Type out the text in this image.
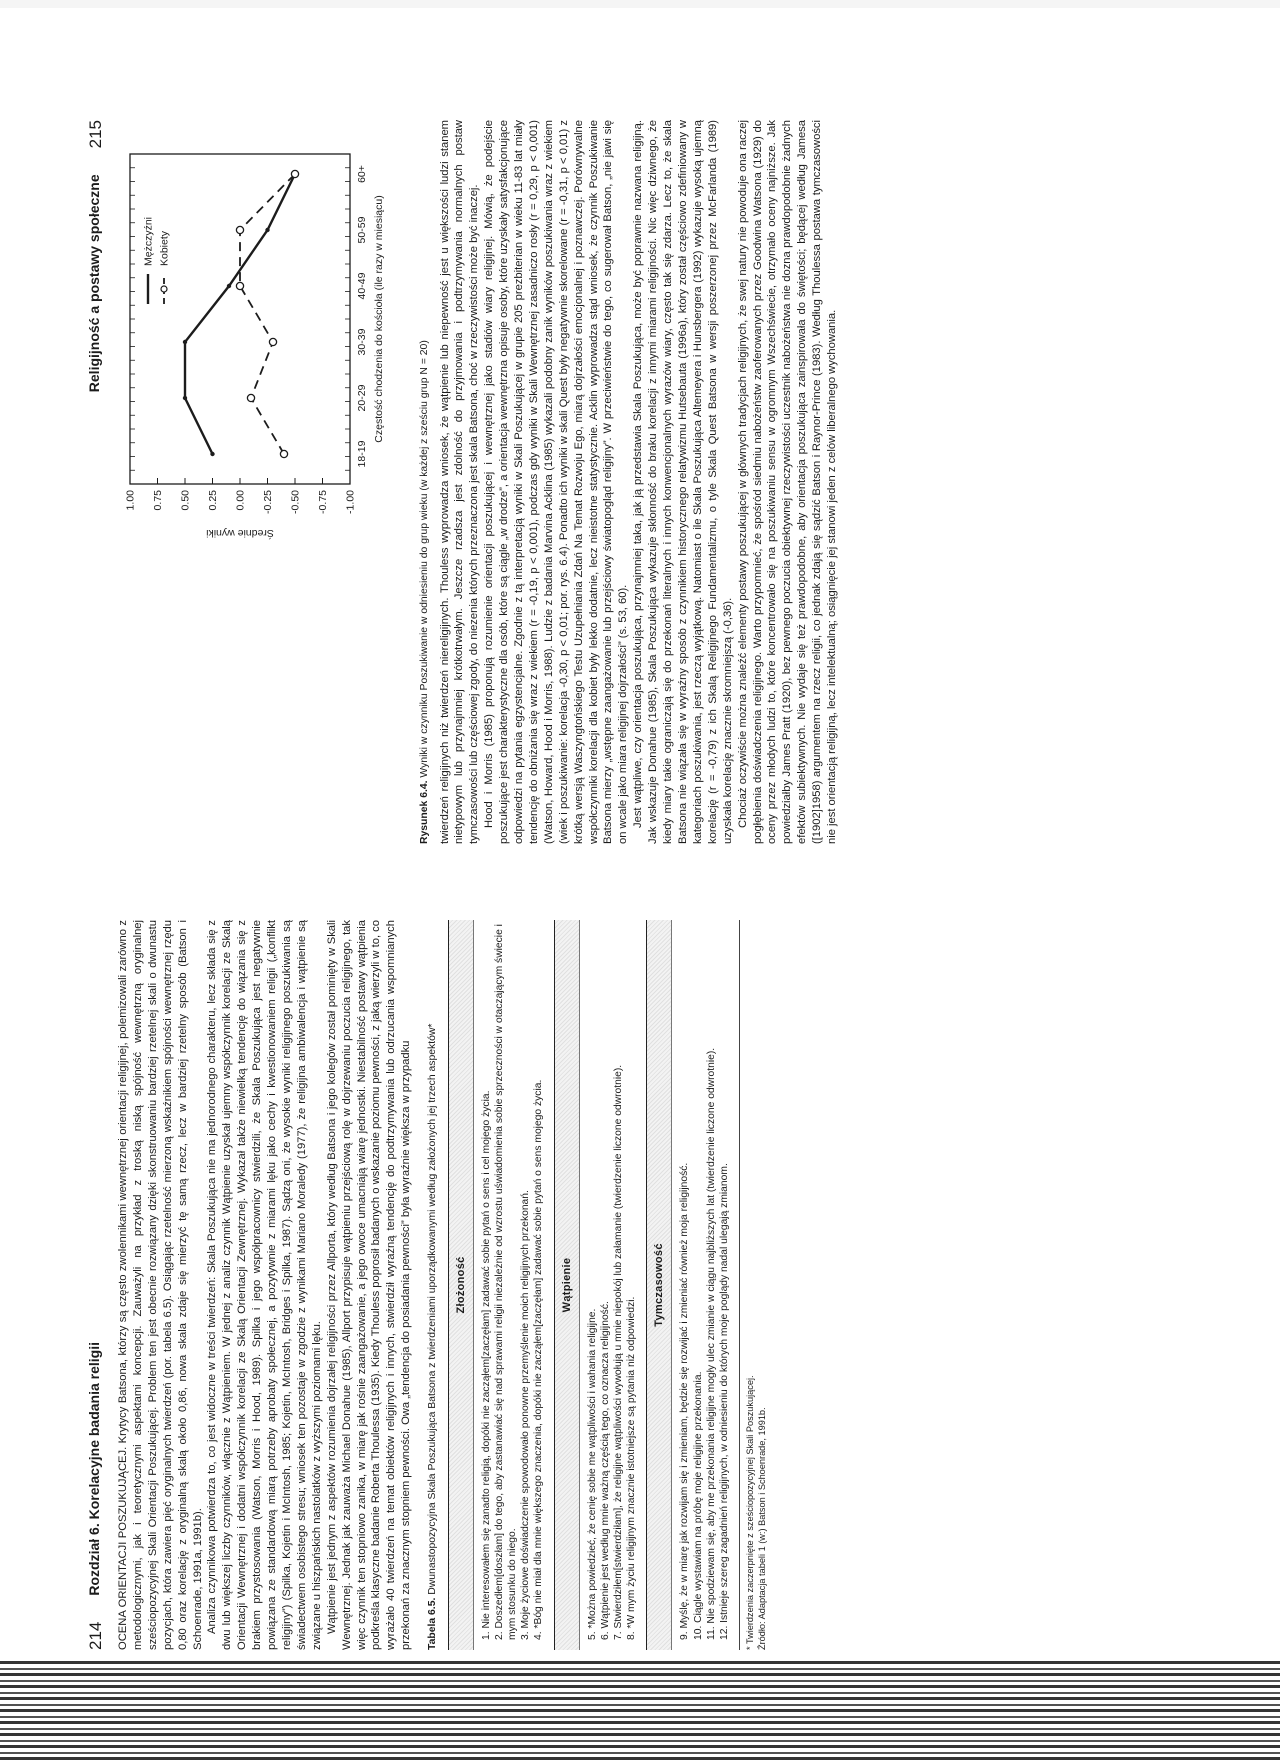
214
Rozdział 6. Korelacyjne badania religii	OCENA ORIENTACJI POSZUKUJĄCEJ. Krytycy Batsona, którzy są często zwolennikami wewnętrznej orientacji religijnej, polemizowali zarówno z metodologicznymi, jak i teoretycznymi aspektami koncepcji. Zauważyli na przykład z troską niską spójność wewnętrzną oryginalnej sześciopozycyjnej Skali Orientacji Poszukującej. Problem ten jest obecnie rozwiązany dzięki skonstruowaniu bardziej rzetelnej skali o dwunastu pozycjach, która zawiera pięć oryginalnych twierdzeń (por. tabela 6.5). Osiągając rzetelność mierzoną wskaźnikiem spójności wewnętrznej rzędu 0,80 oraz korelację z oryginalną skalą około 0,86, nowa skala zdaje się mierzyć tę samą rzecz, lecz w bardziej rzetelny sposób (Batson i Schoenrade, 1991a, 1991b). Analiza czynnikowa potwierdza to, co jest widoczne w treści twierdzeń: Skala Poszukująca nie ma jednorodnego charakteru, lecz składa się z dwu lub większej liczby czynników, włącznie z Wątpieniem. W jednej z analiz czynnik Wątpienie uzyskał ujemny współczynnik korelacji ze Skalą Orientacji Wewnętrznej i dodatni współczynnik korelacji ze Skalą Orientacji Zewnętrznej. Wykazał także niewielką tendencję do wiązania się z brakiem przystosowania (Watson, Morris i Hood, 1989). Spilka i jego współpracownicy stwierdzili, że Skala Poszukująca jest negatywnie powiązana ze standardową miarą potrzeby aprobaty społecznej, a pozytywnie z miarami lęku jako cechy i kwestionowaniem religii („konflikt religijny”) (Spilka, Kojetin i McIntosh, 1985; Kojetin, McIntosh, Bridges i Spilka, 1987). Sądzą oni, że wysokie wyniki religijnego poszukiwania są świadectwem osobistego stresu; wniosek ten pozostaje w zgodzie z wynikami Mariano Moraledy (1977), że religijna ambiwalencja i wątpienie są związane u hiszpańskich nastolatków z wyższymi poziomami lęku. Wątpienie jest jednym z aspektów rozumienia dojrzałej religijności przez Allporta, który według Batsona i jego kolegów został pominięty w Skali Wewnętrznej. Jednak jak zauważa Michael Donahue (1985), Allport przypisuje wątpieniu przejściową rolę w dojrzewaniu poczucia religijnego, tak więc czynnik ten stopniowo zanika, w miarę jak rośnie zaangażowanie, a jego owoce umacniają wiarę jednostki. Niestabilność postawy wątpienia podkreśla klasyczne badanie Roberta Thoulessa (1935). Kiedy Thouless poprosił badanych o wskazanie poziomu pewności, z jaką wierzyli w to, co wyrażało 40 twierdzeń na temat obiektów religijnych i innych, stwierdził wyraźną tendencję do podtrzymywania lub odrzucania wspomnianych przekonań za znacznym stopniem pewności. Owa „tendencja do posiadania pewności” była wyraźnie większa w przypadku Tabela 6.5. Dwunastopozycyjna Skala Poszukująca Batsona z twierdzeniami uporządkowanymi według założonych jej trzech aspektów*	Złożoność	1. Nie interesowałem się zanadto religią, dopóki nie zacząłem[zaczęłam] zadawać sobie pytań o sens i cel mojego życia. 2. Doszedłem[doszłam] do tego, aby zastanawiać się nad sprawami religii niezależnie od wzrostu uświadomienia sobie sprzeczności w otaczającym świecie i mym stosunku do niego. 3. Moje życiowe doświadczenie spowodowało ponowne przemyślenie moich religijnych przekonań. 4. *Bóg nie miał dla mnie większego znaczenia, dopóki nie zacząłem[zaczęłam] zadawać sobie pytań o sens mojego życia.	Wątpienie
5. *Można powiedzieć, że cenię sobie me wątpliwości i wahania religijne. 6. Wątpienie jest według mnie ważną częścią tego, co oznacza religijność. 7. Stwierdziłem[stwierdziłam], że religijne wątpliwości wywołują u mnie niepokój lub załamanie (twierdzenie liczone odwrotnie). 8. *W mym życiu religijnym znacznie istotniejsze są pytania niż odpowiedzi.
Tymczasowość	9. Myślę, że w miarę jak rozwijam się i zmieniam, będzie się rozwijać i zmieniać również moja religijność. 10. Ciągle wystawiam na próbę moje religijne przekonania. 11. Nie spodziewam się, aby me przekonania religijne mogły ulec zmianie w ciągu najbliższych lat (twierdzenie liczone odwrotnie). 12. Istnieje szereg zagadnień religijnych, w odniesieniu do których moje poglądy nadal ulegają zmianom. * Twierdzenia zaczerpnięte z sześciopozycyjnej Skali Poszukującej. Źródło: Adaptacja tabeli 1 (w:) Batson i Schoenrade, 1991b.
Religijność a postawy społeczne
215
1.00 0.75 0.50 0.25 0.00 -0.25 -0.50 -0.75 -1.00
18-19
20-29
30-39
40-49
50-59
60+
Częstość chodzenia do kościoła (ile razy w miesiącu)
Średnie wyniki
Mężczyźni Kobiety
Rysunek 6.4. Wyniki w czynniku Poszukiwanie w odniesieniu do grup wieku (w każdej z sześciu grup N = 20) twierdzeń religijnych niż twierdzeń niereligijnych. Thouless wyprowadza wniosek, że wątpienie lub niepewność jest u większości ludzi stanem nietypowym lub przynajmniej krótkotrwałym. Jeszcze rzadsza jest zdolność do przyjmowania i podtrzymywania normalnych postaw tymczasowości lub częściowej zgody, do niezenia których przeznaczona jest skala Batsona, choć w rzeczywistości może być inaczej. Hood i Morris (1985) proponują rozumienie orientacji poszukującej i wewnętrznej jako stadiów wiary religijnej. Mówią, że podejście poszukujące jest charakterystyczne dla osób, które są ciągle „w drodze”, a orientacja wewnętrzna opisuje osoby, które uzyskały satysfakcjonujące odpowiedzi na pytania egzystencjalne. Zgodnie z tą interpretacją wyniki w Skali Poszukującej w grupie 205 prezbiterian w wieku 11-83 lat miały tendencję do obniżania się wraz z wiekiem (r = -0,19, p < 0,001), podczas gdy wyniki w Skali Wewnętrznej zasadniczo rosły (r = 0,29, p < 0,001) (Watson, Howard, Hood i Morris, 1988). Ludzie z badania Marvina Acklina (1985) wykazali podobny zanik wyników poszukiwania wraz z wiekiem (wiek i poszukiwanie: korelacja -0,30, p < 0,01; por. rys. 6.4). Ponadto ich wyniki w skali Quest były negatywnie skorelowane (r = -0,31, p < 0,01) z krótką wersją Waszyngtońskiego Testu Uzupełniania Zdań Na Temat Rozwoju Ego, miarą dojrzałości emocjonalnej i poznawczej. Porównywalne współczynniki korelacji dla kobiet były lekko dodatnie, lecz nieistotne statystycznie. Acklin wyprowadza stąd wniosek, że czynnik Poszukiwanie Batsona mierzy „wstępne zaangażowanie lub przejściowy światopogląd religijny”. W przeciwieństwie do tego, co sugerował Batson, „nie jawi się on wcale jako miara religijnej dojrzałości” (s. 53, 60). Jest wątpliwe, czy orientacja poszukująca, przynajmniej taka, jak ją przedstawia Skala Poszukująca, może być poprawnie nazwana religijną. Jak wskazuje Donahue (1985), Skala Poszukująca wykazuje skłonność do braku korelacji z innymi miarami religijności. Nic więc dziwnego, że kiedy miary takie ograniczają się do przekonań literalnych i innych konwencjonalnych wyrazów wiary, często tak się zdarza. Lecz to, że skala Batsona nie wiązała się w wyraźny sposób z czynnikiem historycznego relatywizmu Hutsebauta (1996a), który został częściowo zdefiniowany w kategoriach poszukiwania, jest rzeczą wyjątkową. Natomiast o ile Skala Poszukująca Altemeyera i Hunsbergera (1992) wykazuje wysoką ujemną korelację (r = -0,79) z ich Skalą Religijnego Fundamentalizmu, o tyle Skala Quest Batsona w wersji poszerzonej przez McFarlanda (1989) uzyskała korelację znacznie skromniejszą (-0,36). Chociaż oczywiście można znaleźć elementy postawy poszukującej w głównych tradycjach religijnych, że swej natury nie powoduje ona raczej pogłębienia doświadczenia religijnego. Warto przypomnieć, że spośród siedmiu nabożeństw zaoferowanych przez Goodwina Watsona (1929) do oceny przez młodych ludzi to, które koncentrowało się na poszukiwaniu sensu w ogromnym Wszechświecie, otrzymało oceny najniższe. Jak powiedziałby James Pratt (1920), bez pewnego poczucia obiektywnej rzeczywistości uczestnik nabożeństwa nie dozna prawdopodobnie żadnych efektów subiektywnych. Nie wydaje się też prawdopodobne, aby orientacja poszukująca zainspirowała do świętości; będącej według Jamesa ([1902]1958) argumentem na rzecz religii, co jednak zdają się sądzić Batson i Raynor-Prince (1983). Według Thoulessa postawa tymczasowości nie jest orientacją religijną, lecz intelektualną; osiągnięcie jej stanowi jeden z celów liberalnego wychowania.
